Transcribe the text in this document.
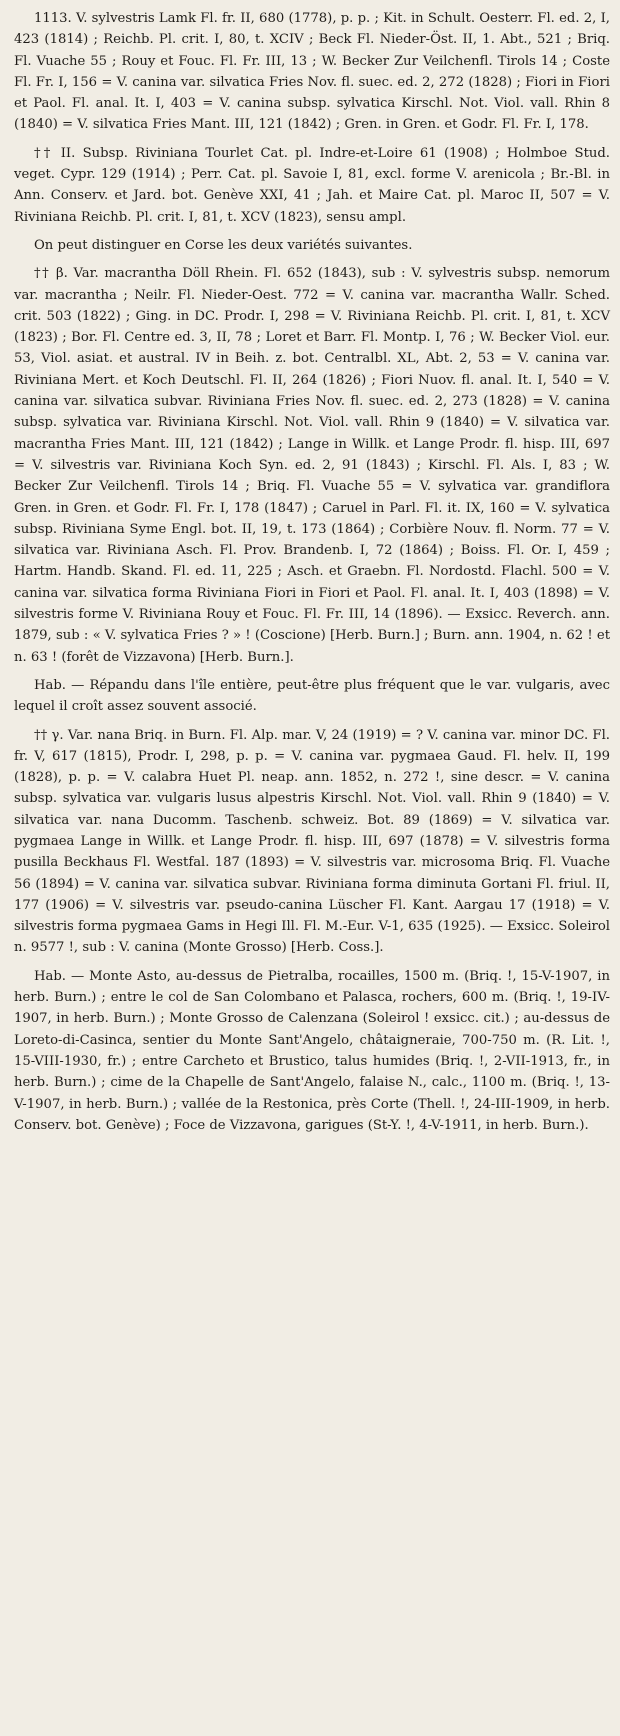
1113. V. sylvestris Lamk Fl. fr. II, 680 (1778), p. p. ; Kit. in Schult. Oesterr. Fl. ed. 2, I, 423 (1814) ; Reichb. Pl. crit. I, 80, t. XCIV ; Beck Fl. Nieder-Öst. II, 1. Abt., 521 ; Briq. Fl. Vuache 55 ; Rouy et Fouc. Fl. Fr. III, 13 ; W. Becker Zur Veilchenfl. Tirols 14 ; Coste Fl. Fr. I, 156 = V. canina var. silvatica Fries Nov. fl. suec. ed. 2, 272 (1828) ; Fiori in Fiori et Paol. Fl. anal. It. I, 403 = V. canina subsp. sylvatica Kirschl. Not. Viol. vall. Rhin 8 (1840) = V. silvatica Fries Mant. III, 121 (1842) ; Gren. in Gren. et Godr. Fl. Fr. I, 178.

†† II. Subsp. Riviniana Tourlet Cat. pl. Indre-et-Loire 61 (1908) ; Holmboe Stud. veget. Cypr. 129 (1914) ; Perr. Cat. pl. Savoie I, 81, excl. forme V. arenicola ; Br.-Bl. in Ann. Conserv. et Jard. bot. Genève XXI, 41 ; Jah. et Maire Cat. pl. Maroc II, 507 = V. Riviniana Reichb. Pl. crit. I, 81, t. XCV (1823), sensu ampl.

On peut distinguer en Corse les deux variétés suivantes.

†† β. Var. macrantha Döll Rhein. Fl. 652 (1843), sub : V. sylvestris subsp. nemorum var. macrantha ; Neilr. Fl. Nieder-Oest. 772 = V. canina var. macrantha Wallr. Sched. crit. 503 (1822) ; Ging. in DC. Prodr. I, 298 = V. Riviniana Reichb. Pl. crit. I, 81, t. XCV (1823) ; Bor. Fl. Centre ed. 3, II, 78 ; Loret et Barr. Fl. Montp. I, 76 ; W. Becker Viol. eur. 53, Viol. asiat. et austral. IV in Beih. z. bot. Centralbl. XL, Abt. 2, 53 = V. canina var. Riviniana Mert. et Koch Deutschl. Fl. II, 264 (1826) ; Fiori Nuov. fl. anal. It. I, 540 = V. canina var. silvatica subvar. Riviniana Fries Nov. fl. suec. ed. 2, 273 (1828) = V. canina subsp. sylvatica var. Riviniana Kirschl. Not. Viol. vall. Rhin 9 (1840) = V. silvatica var. macrantha Fries Mant. III, 121 (1842) ; Lange in Willk. et Lange Prodr. fl. hisp. III, 697 = V. silvestris var. Riviniana Koch Syn. ed. 2, 91 (1843) ; Kirschl. Fl. Als. I, 83 ; W. Becker Zur Veilchenfl. Tirols 14 ; Briq. Fl. Vuache 55 = V. sylvatica var. grandiflora Gren. in Gren. et Godr. Fl. Fr. I, 178 (1847) ; Caruel in Parl. Fl. it. IX, 160 = V. sylvatica subsp. Riviniana Syme Engl. bot. II, 19, t. 173 (1864) ; Corbière Nouv. fl. Norm. 77 = V. silvatica var. Riviniana Asch. Fl. Prov. Brandenb. I, 72 (1864) ; Boiss. Fl. Or. I, 459 ; Hartm. Handb. Skand. Fl. ed. 11, 225 ; Asch. et Graebn. Fl. Nordostd. Flachl. 500 = V. canina var. silvatica forma Riviniana Fiori in Fiori et Paol. Fl. anal. It. I, 403 (1898) = V. silvestris forme V. Riviniana Rouy et Fouc. Fl. Fr. III, 14 (1896). — Exsicc. Reverch. ann. 1879, sub : « V. sylvatica Fries ? » ! (Coscione) [Herb. Burn.] ; Burn. ann. 1904, n. 62 ! et n. 63 ! (forêt de Vizzavona) [Herb. Burn.].

Hab. — Répandu dans l'île entière, peut-être plus fréquent que le var. vulgaris, avec lequel il croît assez souvent associé.

†† γ. Var. nana Briq. in Burn. Fl. Alp. mar. V, 24 (1919) = ? V. canina var. minor DC. Fl. fr. V, 617 (1815), Prodr. I, 298, p. p. = V. canina var. pygmaea Gaud. Fl. helv. II, 199 (1828), p. p. = V. calabra Huet Pl. neap. ann. 1852, n. 272 !, sine descr. = V. canina subsp. sylvatica var. vulgaris lusus alpestris Kirschl. Not. Viol. vall. Rhin 9 (1840) = V. silvatica var. nana Ducomm. Taschenb. schweiz. Bot. 89 (1869) = V. silvatica var. pygmaea Lange in Willk. et Lange Prodr. fl. hisp. III, 697 (1878) = V. silvestris forma pusilla Beckhaus Fl. Westfal. 187 (1893) = V. silvestris var. microsoma Briq. Fl. Vuache 56 (1894) = V. canina var. silvatica subvar. Riviniana forma diminuta Gortani Fl. friul. II, 177 (1906) = V. silvestris var. pseudo-canina Lüscher Fl. Kant. Aargau 17 (1918) = V. silvestris forma pygmaea Gams in Hegi Ill. Fl. M.-Eur. V-1, 635 (1925). — Exsicc. Soleirol n. 9577 !, sub : V. canina (Monte Grosso) [Herb. Coss.].

Hab. — Monte Asto, au-dessus de Pietralba, rocailles, 1500 m. (Briq. !, 15-V-1907, in herb. Burn.) ; entre le col de San Colombano et Palasca, rochers, 600 m. (Briq. !, 19-IV-1907, in herb. Burn.) ; Monte Grosso de Calenzana (Soleirol ! exsicc. cit.) ; au-dessus de Loreto-di-Casinca, sentier du Monte Sant'Angelo, châtaigneraie, 700-750 m. (R. Lit. !, 15-VIII-1930, fr.) ; entre Carcheto et Brustico, talus humides (Briq. !, 2-VII-1913, fr., in herb. Burn.) ; cime de la Chapelle de Sant'Angelo, falaise N., calc., 1100 m. (Briq. !, 13-V-1907, in herb. Burn.) ; vallée de la Restonica, près Corte (Thell. !, 24-III-1909, in herb. Conserv. bot. Genève) ; Foce de Vizzavona, garigues (St-Y. !, 4-V-1911, in herb. Burn.).
